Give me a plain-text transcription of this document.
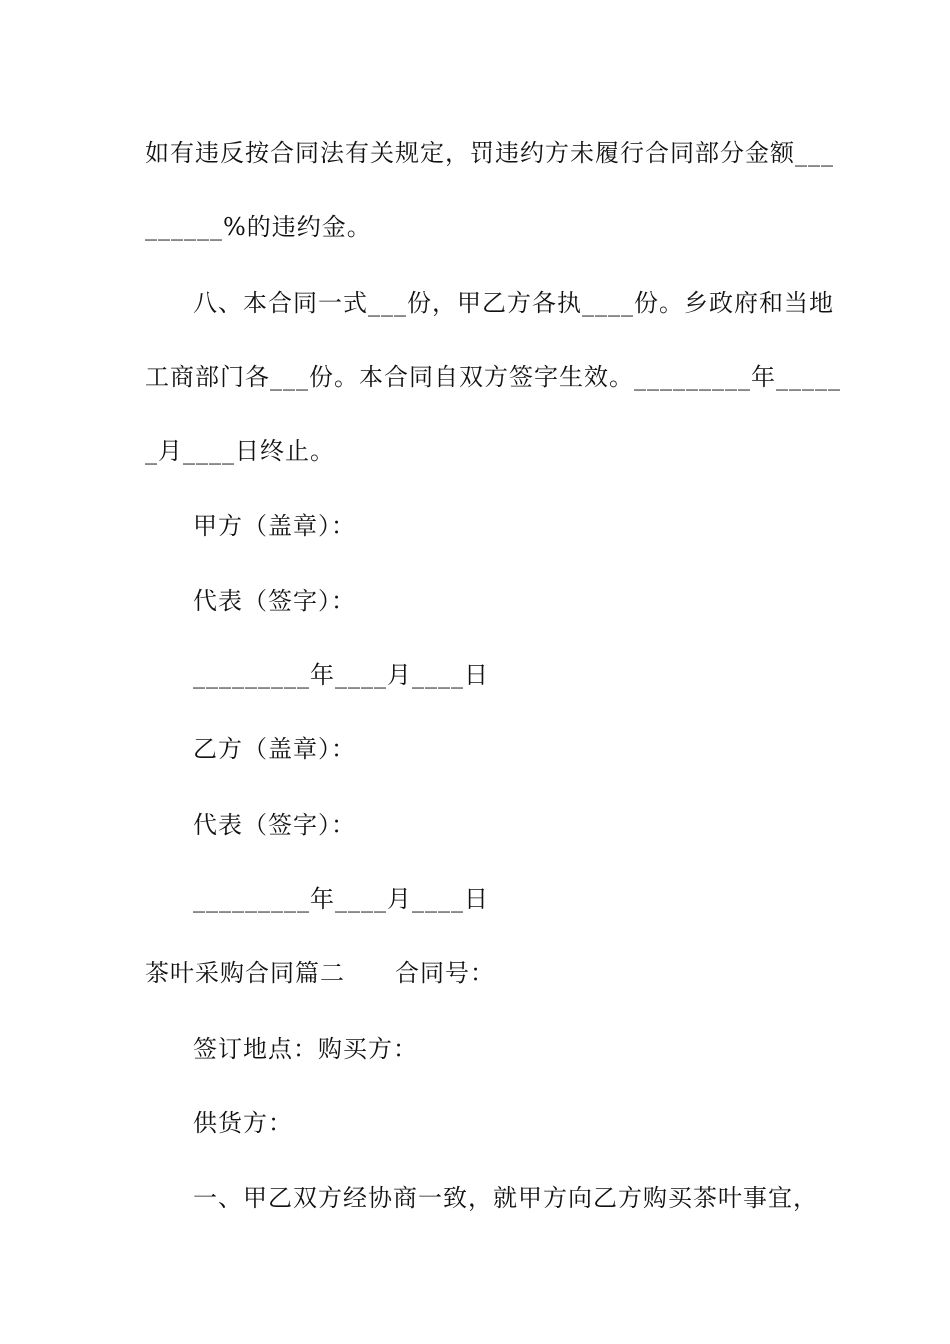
如有违反按合同法有关规定，罚违约方未履行合同部分金额___
______%的违约金。
八、本合同一式___份，甲乙方各执____份。乡政府和当地
工商部门各___份。本合同自双方签字生效。_________年_____
_月____日终止。
甲方（盖章）：
代表（签字）：
_________年____月____日
乙方（盖章）：
代表（签字）：
_________年____月____日
茶叶采购合同篇二　　合同号：
签订地点：购买方：
供货方：
一、甲乙双方经协商一致，就甲方向乙方购买茶叶事宜，
